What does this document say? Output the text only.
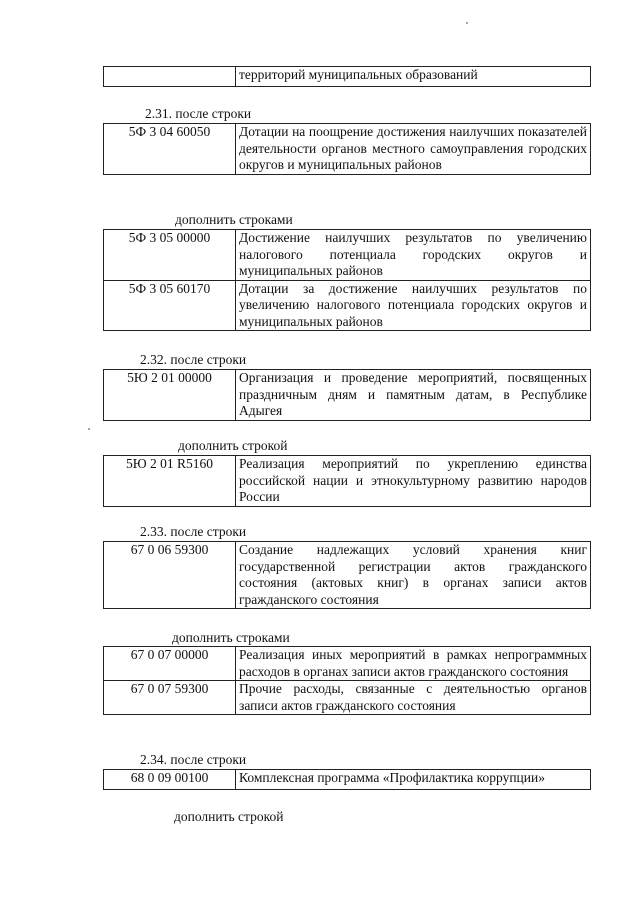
	территорий муниципальных образований
2.31. после строки
5Ф 3 04 60050	Дотации на поощрение достижения наилучших показателей деятельности органов местного самоуправления городских округов и муниципальных районов
дополнить строками
5Ф 3 05 00000	Достижение наилучших результатов по увеличению налогового потенциала городских округов и муниципальных районов
5Ф 3 05 60170	Дотации за достижение наилучших результатов по увеличению налогового потенциала городских округов и муниципальных районов
2.32. после строки
5Ю 2 01 00000	Организация и проведение мероприятий, посвященных праздничным дням и памятным датам, в Республике Адыгея
дополнить строкой
5Ю 2 01 R5160	Реализация мероприятий по укреплению единства российской нации и этнокультурному развитию народов России
2.33. после строки
67 0 06 59300	Создание надлежащих условий хранения книг государственной регистрации актов гражданского состояния (актовых книг) в органах записи актов гражданского состояния
дополнить строками
67 0 07 00000	Реализация иных мероприятий в рамках непрограммных расходов в органах записи актов гражданского состояния
67 0 07 59300	Прочие расходы, связанные с деятельностью органов записи актов гражданского состояния
2.34. после строки
68 0 09 00100	Комплексная программа «Профилактика коррупции»
дополнить строкой
